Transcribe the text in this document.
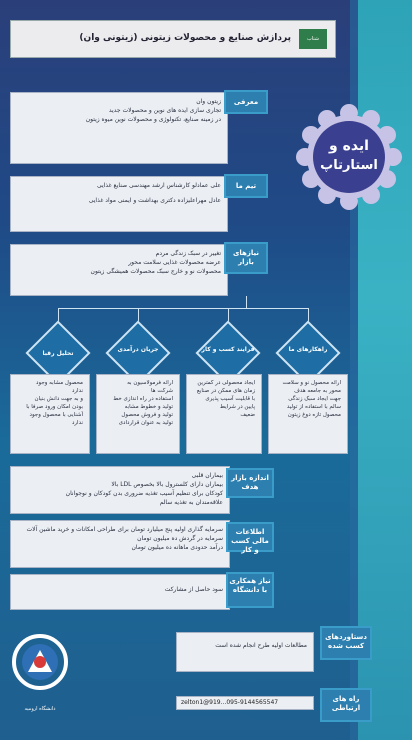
پردازش صنایع و محصولات زیتونی (زیتونی وان)	شتاب
ایده و
استارتاپ
زیتون وان
تجاری سازی ایده های نوین و محصولات جدید
در زمینه صنایع، تکنولوژی و محصولات نوین میوه زیتون
معرفی
علی عماد‌لو کارشناس ارشد مهندسی صنایع غذایی
عادل مهرا‌علیزاده دکتری بهداشت و ایمنی مواد غذایی
تیم ما
تغییر در سبک زندگی مردم
عرضه محصولات غذایی سلامت محور
محصولات نو و خارج سبک محصولات همیشگی زیتون
نیازهای بازار
راهکارهای ما
فرایند کسب و کار
جریان درآمدی
تحلیل رقبا
ارائه محصول نو و سلامت
محور به جامعه هدف
جهت ایجاد سبک زندگی
سالم با استفاده از تولید
محصول تازه دوغ زیتون
ایجاد محصولی در کمترین
زمان های ممکن در صنایع
با قابلیت آسیب پذیری
پایین در شرایط
ضعیف
ارائه فرمولاسیون به
شرکت ها
استفاده در راه اندازی خط
تولید و خطوط مشابه
تولید و فروش محصول
تولید به عنوان قراردادی
محصول مشابه وجود
ندارد
و به جهت دانش بنیان
بودن امکان ورود صرفا با
آشنایی با محصول وجود
ندارد
بیماران قلبی
بیماران دارای کلسترول بالا بخصوص LDL بالا
کودکان برای تنظیم آسیب تغذیه ضروری بدن کودکان و نوجوانان
علاقه‌مندان به تغذیه سالم
اندازه بازار هدف
سرمایه گذاری اولیه پنج میلیارد تومان برای طراحی امکانات و خرید ماشین آلات
سرمایه در گردش ده میلیون تومان
درآمد حدودی ماهانه ده میلیون تومان
اطلاعات مالی کسب و کار
سود حاصل از مشارکت
نیاز همکاری با دانشگاه
مطالعات اولیه طرح انجام شده است
دستاوردهای کسب شده
zelton1@919...095-9144565547	راه های ارتباطی
دانشگاه ارومیه
